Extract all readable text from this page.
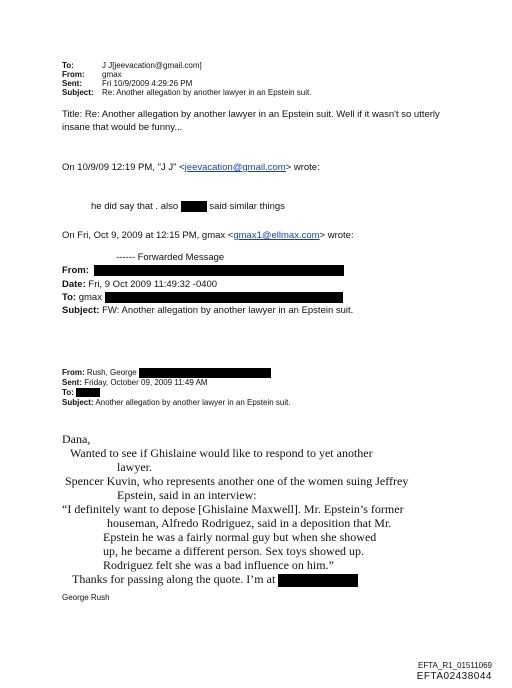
To:	J J[jeevacation@gmail.com]
From: gmax
Sent:	Fri 10/9/2009 4:29:26 PM
Subject: Re: Another allegation by another lawyer in an Epstein suit.
Title: Re: Another allegation by another lawyer in an Epstein suit. Well if it wasn't so utterly insane that would be funny...
On 10/9/09 12:19 PM, "J J" <jeevacation@gmail.com> wrote:
he did say that . also	said similar things
On Fri, Oct 9, 2009 at 12:15 PM, gmax <gmax1@ellmax.com> wrote:
------ Forwarded Message
From:
Date: Fri, 9 Oct 2009 11:49:32 -0400
To: gmax
Subject: FW: Another allegation by another lawyer in an Epstein suit.
From: Rush, George
Sent: Friday, October 09, 2009 11:49 AM
To:
Subject: Another allegation by another lawyer in an Epstein suit.
Dana,
Wanted to see if Ghislaine would like to respond to yet another
lawyer.
Spencer Kuvin, who represents another one of the women suing Jeffrey
Epstein, said in an interview:
“I definitely want to depose [Ghislaine Maxwell]. Mr. Epstein’s former
houseman, Alfredo Rodriguez, said in a deposition that Mr.
Epstein he was a fairly normal guy but when she showed
up, he became a different person. Sex toys showed up.
Rodriguez felt she was a bad influence on him.”
Thanks for passing along the quote. I’m at
George Rush
EFTA_R1_01511069
EFTA02438044
